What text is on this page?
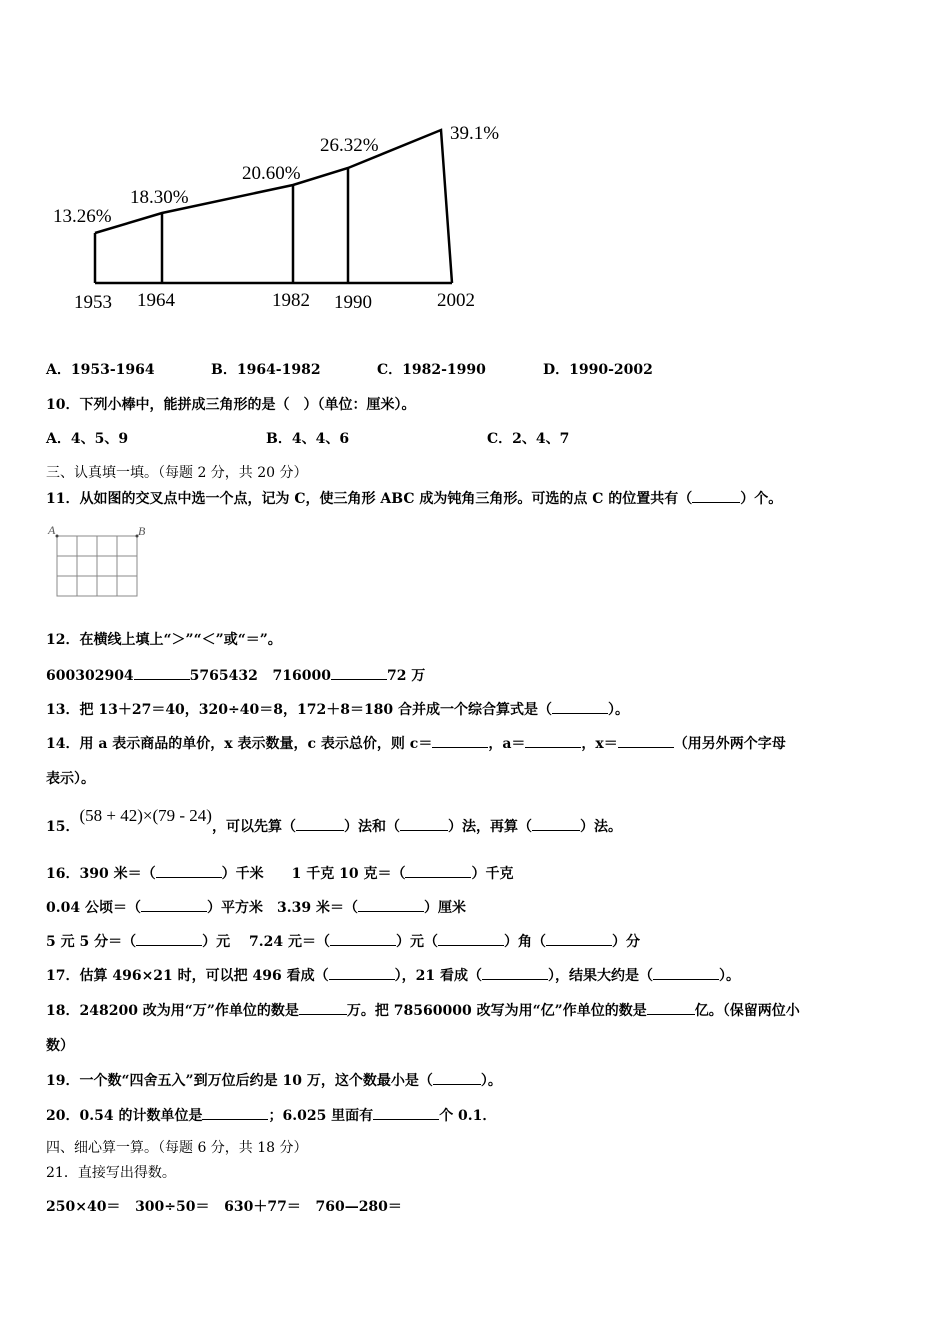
13.26%
18.30%
20.60%
26.32%
39.1%
1953 1964	1982 1990	2002
A．1953-1964	B．1964-1982	C．1982-1990	D．1990-2002
10．下列小棒中，能拼成三角形的是（　）（单位：厘米）。
A．4、5、9	B．4、4、6	C．2、4、7
三、认真填一填。（每题 2 分，共 20 分）
11．从如图的交叉点中选一个点，记为 C，使三角形 ABC 成为钝角三角形。可选的点 C 的位置共有（	）个。
A	B
12．在横线上填上“＞”“＜”或“＝”。
600302904	5765432 716000	72 万
13．把 13＋27＝40，320÷40＝8，172＋8＝180 合并成一个综合算式是（	）。
14．用 a 表示商品的单价，x 表示数量，c 表示总价，则 c＝	，a＝	，x＝	（用另外两个字母
表示）。
15．(58 + 42)×(79 - 24)，可以先算（	）法和（	）法，再算（	）法。
16．390 米＝（	）千米　　1 千克 10 克＝（	）千克
0.04 公顷＝（	）平方米　3.39 米＝（	）厘米
5 元 5 分＝（	）元　 7.24 元＝（	）元（	）角（	）分
17．估算 496×21 时，可以把 496 看成（	），21 看成（	），结果大约是（	）。
18．248200 改为用“万”作单位的数是	万。把 78560000 改写为用“亿”作单位的数是	亿。（保留两位小
数）
19．一个数“四舍五入”到万位后约是 10 万，这个数最小是（	）。
20．0.54 的计数单位是	；6.025 里面有	个 0.1．
四、细心算一算。（每题 6 分，共 18 分）
21．直接写出得数。
250×40＝ 300÷50＝ 630＋77＝ 760—280＝
